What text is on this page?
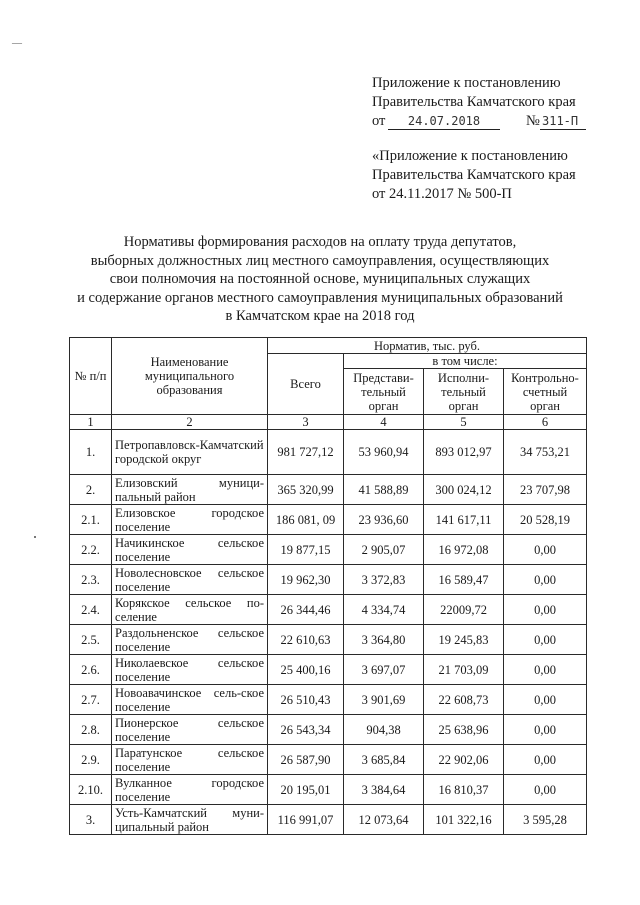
—
Приложение к постановлению
Правительства Камчатского края
от	24.07.2018	№ 311-П
«Приложение к постановлению
Правительства Камчатского края
от 24.11.2017 № 500-П
Нормативы формирования расходов на оплату труда депутатов,
выборных должностных лиц местного самоуправления, осуществляющих
свои полномочия на постоянной основе, муниципальных служащих
и содержание органов местного самоуправления муниципальных образований
в Камчатском крае на 2018 год
№ п/п	Наименование муниципального образования	Норматив, тыс. руб.			
		Всего	в том числе:		
			Представи-тельный орган	Исполни-тельный орган	Контрольно-счетный орган
1	2	3	4	5	6
1.	Петропавловск-Камчатский городской округ	981 727,12	53 960,94	893 012,97	34 753,21
2.	Елизовский муници-пальный район	365 320,99	41 588,89	300 024,12	23 707,98
2.1.	Елизовское городское поселение	186 081, 09	23 936,60	141 617,11	20 528,19
2.2.	Начикинское сельское поселение	19 877,15	2 905,07	16 972,08	0,00
2.3.	Новолесновское сельское поселение	19 962,30	3 372,83	16 589,47	0,00
2.4.	Корякское сельское по-селение	26 344,46	4 334,74	22009,72	0,00
2.5.	Раздольненское сельское поселение	22 610,63	3 364,80	19 245,83	0,00
2.6.	Николаевское сельское поселение	25 400,16	3 697,07	21 703,09	0,00
2.7.	Новоавачинское сель-ское поселение	26 510,43	3 901,69	22 608,73	0,00
2.8.	Пионерское сельское поселение	26 543,34	904,38	25 638,96	0,00
2.9.	Паратунское сельское поселение	26 587,90	3 685,84	22 902,06	0,00
2.10.	Вулканное городское поселение	20 195,01	3 384,64	16 810,37	0,00
3.	Усть-Камчатский муни-ципальный район	116 991,07	12 073,64	101 322,16	3 595,28
